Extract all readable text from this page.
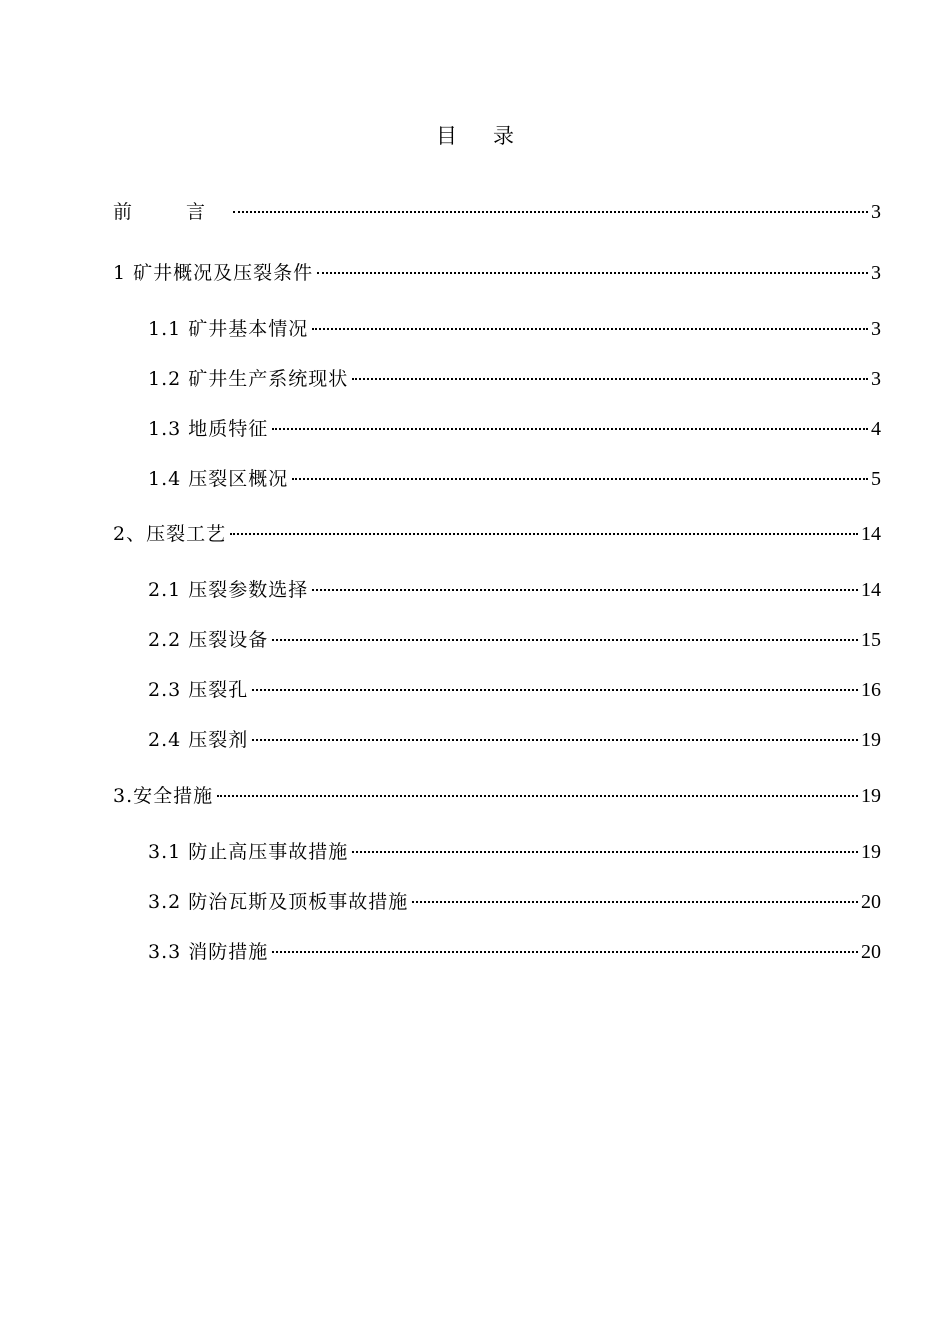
目 录
前 言	3
1 矿井概况及压裂条件	3
1.1 矿井基本情况	3
1.2 矿井生产系统现状	3
1.3 地质特征	4
1.4 压裂区概况	5
2、压裂工艺	14
2.1 压裂参数选择	14
2.2 压裂设备	15
2.3 压裂孔	16
2.4 压裂剂	19
3.安全措施	19
3.1 防止高压事故措施	19
3.2 防治瓦斯及顶板事故措施	20
3.3 消防措施	20
